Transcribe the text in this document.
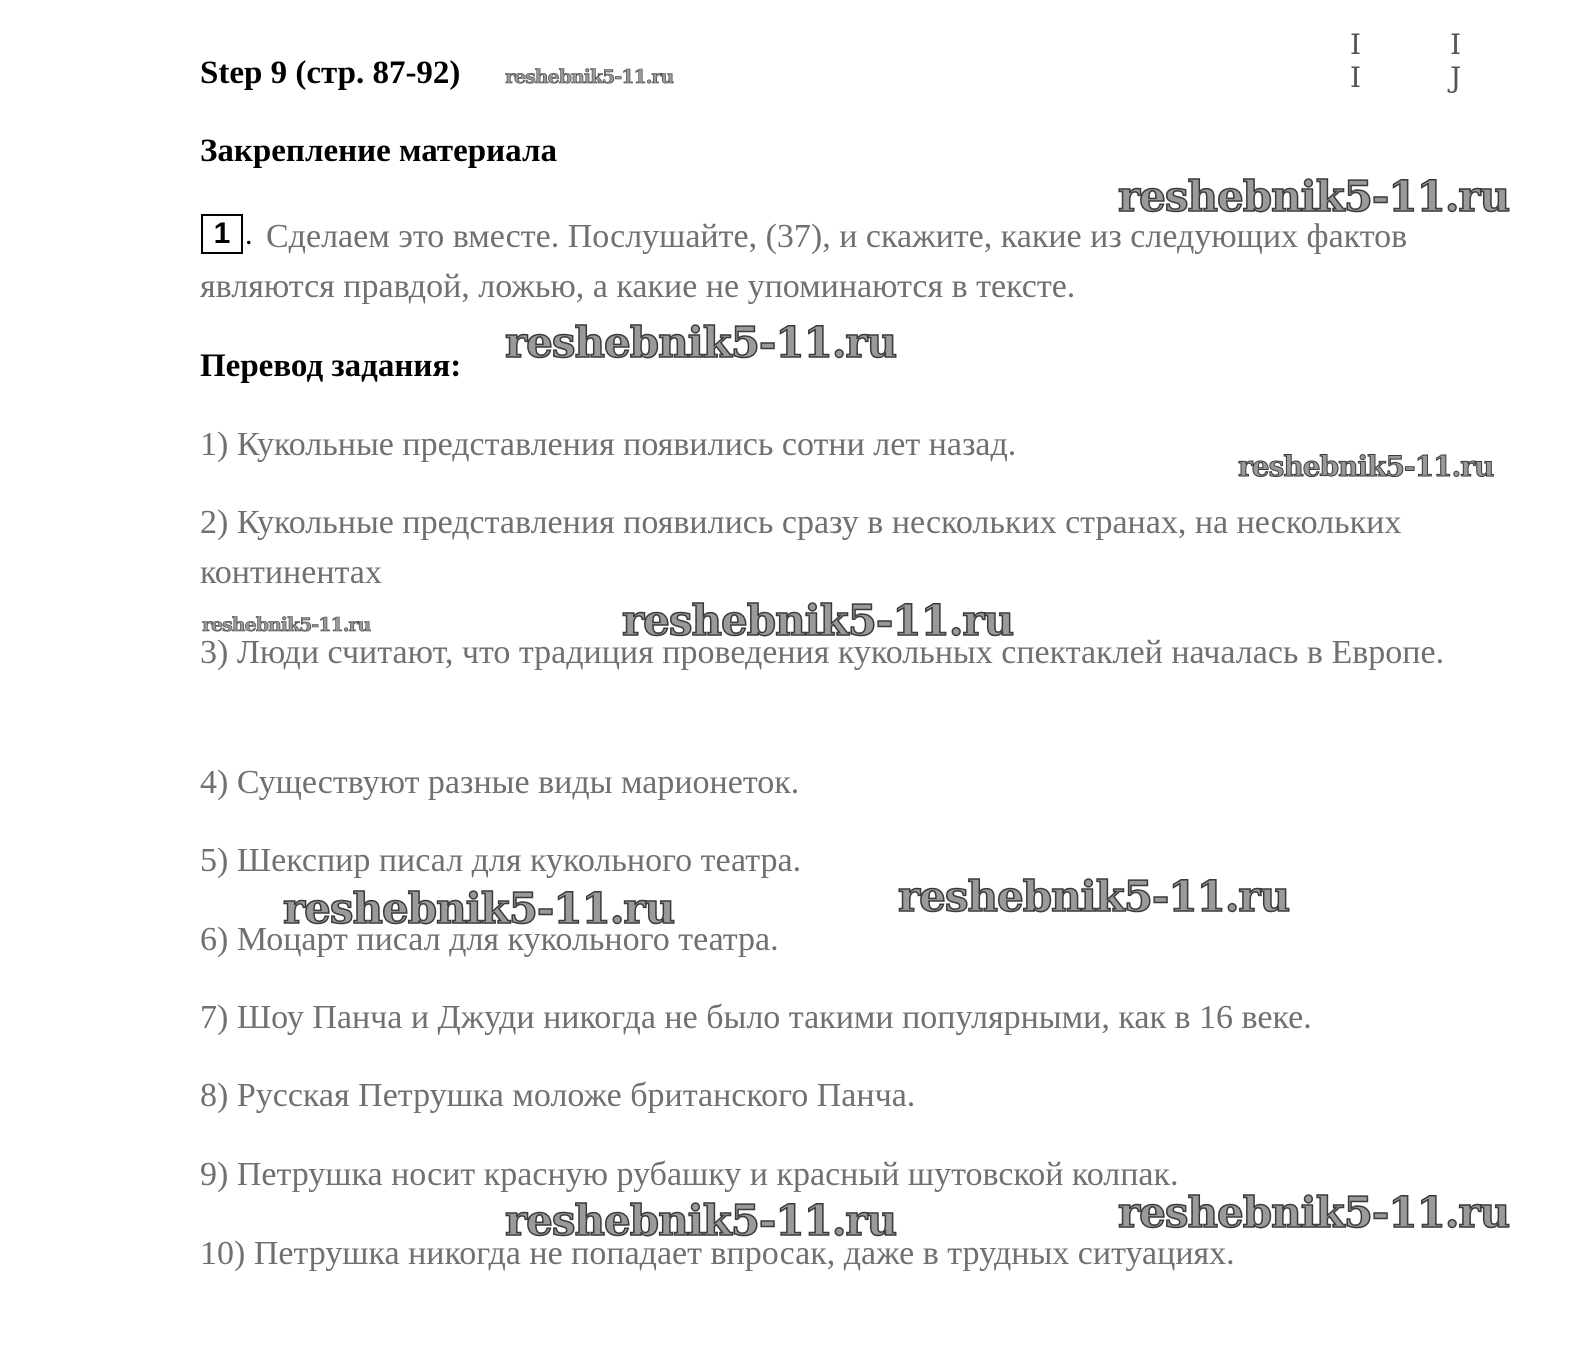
I I I J
Step 9 (стр. 87-92) reshebnik5-11.ru
Закрепление материала
reshebnik5-11.ru
1 . Сделаем это вместе. Послушайте, (37), и скажите, какие из следующих фактов являются правдой, ложью, а какие не упоминаются в тексте.
Перевод задания: reshebnik5-11.ru
1) Кукольные представления появились сотни лет назад.
reshebnik5-11.ru
2) Кукольные представления появились сразу в нескольких странах, на нескольких континентах
reshebnik5-11.ru	reshebnik5-11.ru
3) Люди считают, что традиция проведения кукольных спектаклей началась в Европе.
4) Существуют разные виды марионеток.
5) Шекспир писал для кукольного театра.
reshebnik5-11.ru
reshebnik5-11.ru
6) Моцарт писал для кукольного театра.
7) Шоу Панча и Джуди никогда не было такими популярными, как в 16 веке.
8) Русская Петрушка моложе британского Панча.
9) Петрушка носит красную рубашку и красный шутовской колпак.
reshebnik5-11.ru
reshebnik5-11.ru
10) Петрушка никогда не попадает впросак, даже в трудных ситуациях.
